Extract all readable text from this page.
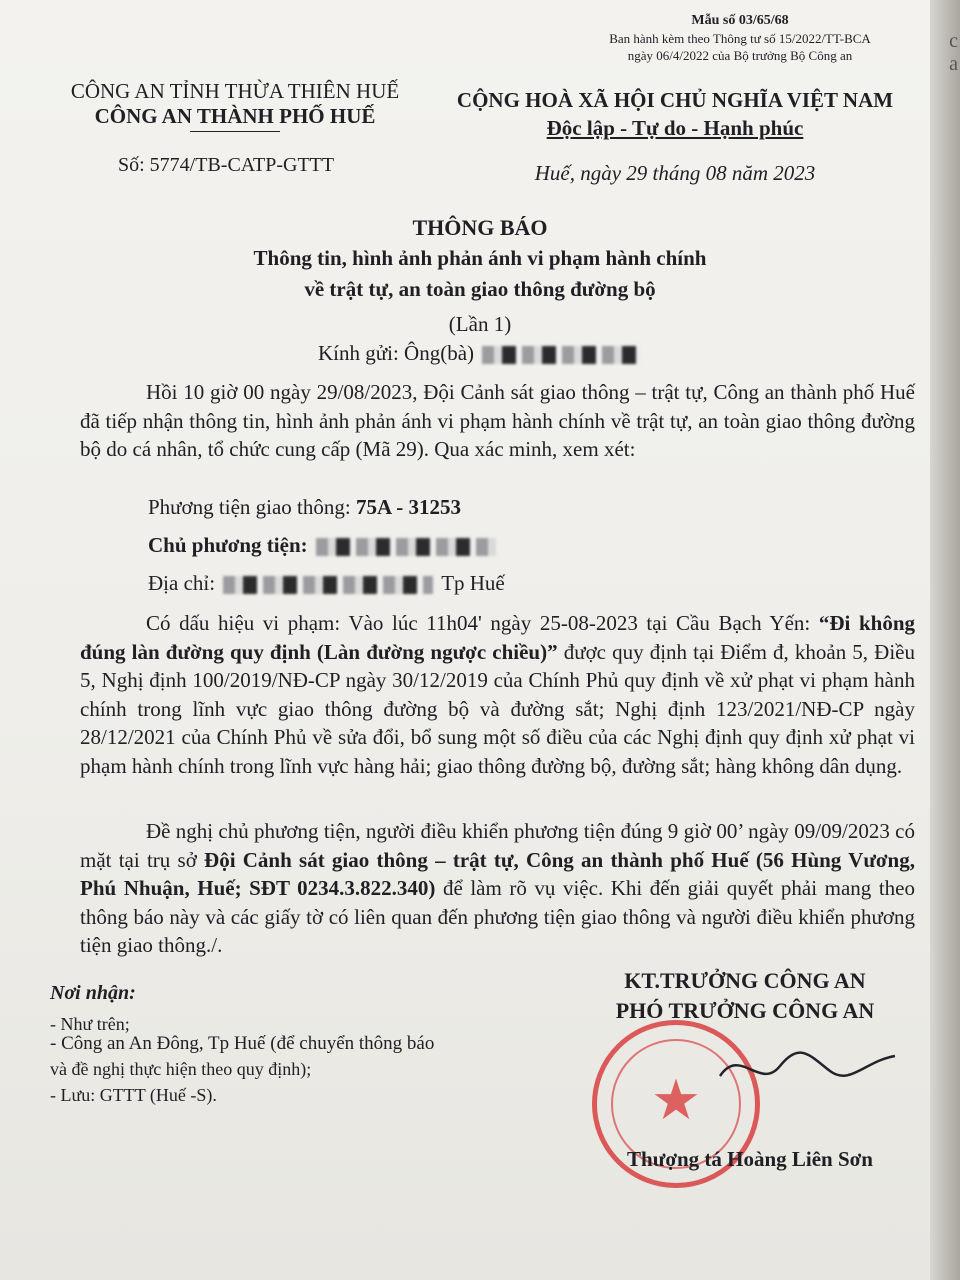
Mẫu số 03/65/68
Ban hành kèm theo Thông tư số 15/2022/TT-BCA
ngày 06/4/2022 của Bộ trưởng Bộ Công an
CÔNG AN TỈNH THỪA THIÊN HUẾ
CÔNG AN THÀNH PHỐ HUẾ
Số: 5774/TB-CATP-GTTT
CỘNG HOÀ XÃ HỘI CHỦ NGHĨA VIỆT NAM
Độc lập - Tự do - Hạnh phúc
Huế, ngày 29 tháng 08 năm 2023
THÔNG BÁO
Thông tin, hình ảnh phản ánh vi phạm hành chính
về trật tự, an toàn giao thông đường bộ
(Lần 1)
Kính gửi: Ông(bà)
Hồi 10 giờ 00 ngày 29/08/2023, Đội Cảnh sát giao thông – trật tự, Công an thành phố Huế đã tiếp nhận thông tin, hình ảnh phản ánh vi phạm hành chính về trật tự, an toàn giao thông đường bộ do cá nhân, tổ chức cung cấp (Mã 29). Qua xác minh, xem xét:
Phương tiện giao thông: 75A - 31253
Chủ phương tiện:
Địa chỉ:	Tp Huế
Có dấu hiệu vi phạm: Vào lúc 11h04' ngày 25-08-2023 tại Cầu Bạch Yến: “Đi không đúng làn đường quy định (Làn đường ngược chiều)” được quy định tại Điểm đ, khoản 5, Điều 5, Nghị định 100/2019/NĐ-CP ngày 30/12/2019 của Chính Phủ quy định về xử phạt vi phạm hành chính trong lĩnh vực giao thông đường bộ và đường sắt; Nghị định 123/2021/NĐ-CP ngày 28/12/2021 của Chính Phủ về sửa đổi, bổ sung một số điều của các Nghị định quy định xử phạt vi phạm hành chính trong lĩnh vực hàng hải; giao thông đường bộ, đường sắt; hàng không dân dụng.
Đề nghị chủ phương tiện, người điều khiển phương tiện đúng 9 giờ 00’ ngày 09/09/2023 có mặt tại trụ sở Đội Cảnh sát giao thông – trật tự, Công an thành phố Huế (56 Hùng Vương, Phú Nhuận, Huế; SĐT 0234.3.822.340) để làm rõ vụ việc. Khi đến giải quyết phải mang theo thông báo này và các giấy tờ có liên quan đến phương tiện giao thông và người điều khiển phương tiện giao thông./.
Nơi nhận:
- Như trên;
- Công an An Đông, Tp Huế (để chuyển thông báo
và đề nghị thực hiện theo quy định);
- Lưu: GTTT (Huế -S).	★
KT.TRƯỞNG CÔNG AN
PHÓ TRƯỞNG CÔNG AN
Thượng tá Hoàng Liên Sơn
c
a
